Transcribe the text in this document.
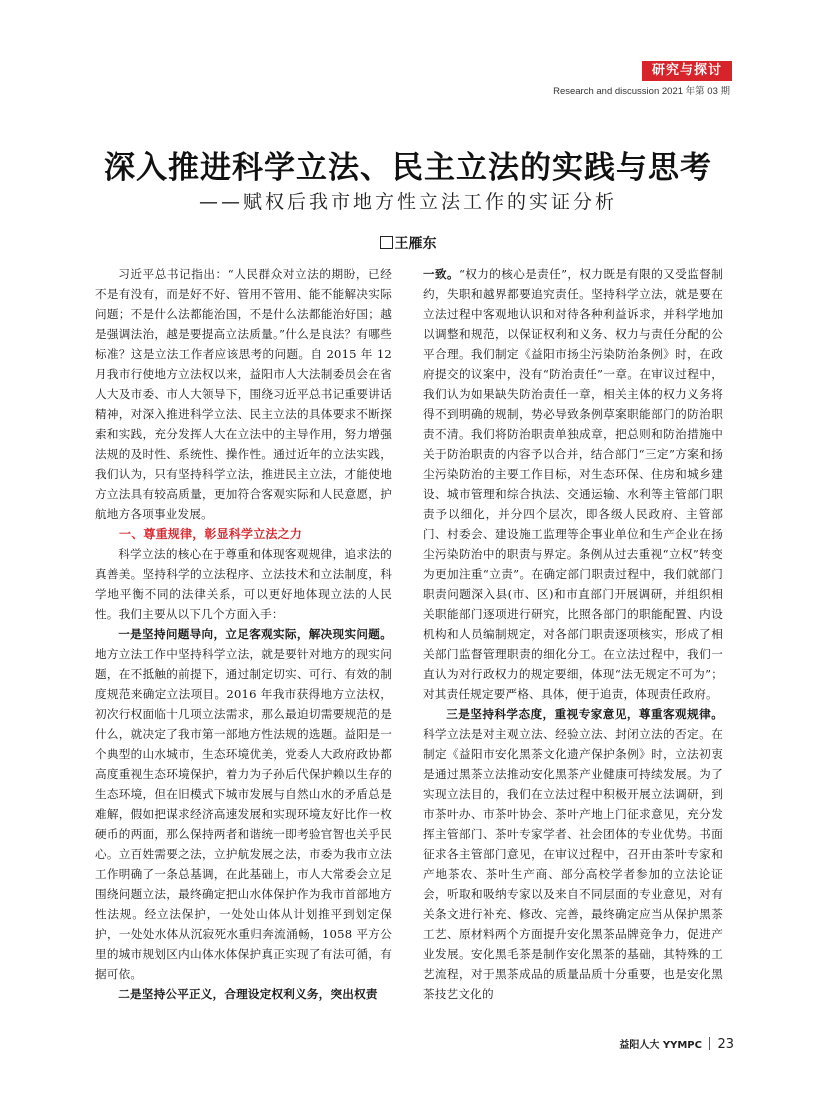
研究与探讨
Research and discussion 2021 年第 03 期
深入推进科学立法、民主立法的实践与思考
——赋权后我市地方性立法工作的实证分析
王雁东

习近平总书记指出：“人民群众对立法的期盼，已经不是有没有，而是好不好、管用不管用、能不能解决实际问题；不是什么法都能治国，不是什么法都能治好国；越是强调法治，越是要提高立法质量。”什么是良法？有哪些标准？这是立法工作者应该思考的问题。自 2015 年 12 月我市行使地方立法权以来，益阳市人大法制委员会在省人大及市委、市人大领导下，围绕习近平总书记重要讲话精神，对深入推进科学立法、民主立法的具体要求不断探索和实践，充分发挥人大在立法中的主导作用，努力增强法规的及时性、系统性、操作性。通过近年的立法实践，我们认为，只有坚持科学立法，推进民主立法，才能使地方立法具有较高质量，更加符合客观实际和人民意愿，护航地方各项事业发展。

一、尊重规律，彰显科学立法之力

科学立法的核心在于尊重和体现客观规律，追求法的真善美。坚持科学的立法程序、立法技术和立法制度，科学地平衡不同的法律关系，可以更好地体现立法的人民性。我们主要从以下几个方面入手：

一是坚持问题导向，立足客观实际，解决现实问题。地方立法工作中坚持科学立法，就是要针对地方的现实问题，在不抵触的前提下，通过制定切实、可行、有效的制度规范来确定立法项目。2016 年我市获得地方立法权，初次行权面临十几项立法需求，那么最迫切需要规范的是什么，就决定了我市第一部地方性法规的选题。益阳是一个典型的山水城市，生态环境优美，党委人大政府政协都高度重视生态环境保护，着力为子孙后代保护赖以生存的生态环境，但在旧模式下城市发展与自然山水的矛盾总是难解，假如把谋求经济高速发展和实现环境友好比作一枚硬币的两面，那么保持两者和谐统一即考验官智也关乎民心。立百姓需要之法，立护航发展之法，市委为我市立法工作明确了一条总基调，在此基础上，市人大常委会立足围绕问题立法，最终确定把山水体保护作为我市首部地方性法规。经立法保护，一处处山体从计划推平到划定保护，一处处水体从沉寂死水重归奔流涌畅，1058 平方公里的城市规划区内山体水体保护真正实现了有法可循，有据可依。

二是坚持公平正义，合理设定权利义务，突出权责

一致。“权力的核心是责任”，权力既是有限的又受监督制约，失职和越界都要追究责任。坚持科学立法，就是要在立法过程中客观地认识和对待各种利益诉求，并科学地加以调整和规范，以保证权利和义务、权力与责任分配的公平合理。我们制定《益阳市扬尘污染防治条例》时，在政府提交的议案中，没有“防治责任”一章。在审议过程中，我们认为如果缺失防治责任一章，相关主体的权力义务将得不到明确的规制，势必导致条例草案职能部门的防治职责不清。我们将防治职责单独成章，把总则和防治措施中关于防治职责的内容予以合并，结合部门“三定”方案和扬尘污染防治的主要工作目标，对生态环保、住房和城乡建设、城市管理和综合执法、交通运输、水利等主管部门职责予以细化，并分四个层次，即各级人民政府、主管部门、村委会、建设施工监理等企事业单位和生产企业在扬尘污染防治中的职责与界定。条例从过去重视“立权”转变为更加注重“立责”。在确定部门职责过程中，我们就部门职责问题深入县(市、区)和市直部门开展调研，并组织相关职能部门逐项进行研究，比照各部门的职能配置、内设机构和人员编制规定，对各部门职责逐项核实，形成了相关部门监督管理职责的细化分工。在立法过程中，我们一直认为对行政权力的规定要细，体现“法无规定不可为”；对其责任规定要严格、具体，便于追责，体现责任政府。

三是坚持科学态度，重视专家意见，尊重客观规律。科学立法是对主观立法、经验立法、封闭立法的否定。在制定《益阳市安化黑茶文化遗产保护条例》时，立法初衷是通过黑茶立法推动安化黑茶产业健康可持续发展。为了实现立法目的，我们在立法过程中积极开展立法调研，到市茶叶办、市茶叶协会、茶叶产地上门征求意见，充分发挥主管部门、茶叶专家学者、社会团体的专业优势。书面征求各主管部门意见，在审议过程中，召开由茶叶专家和产地茶农、茶叶生产商、部分高校学者参加的立法论证会，听取和吸纳专家以及来自不同层面的专业意见，对有关条文进行补充、修改、完善，最终确定应当从保护黑茶工艺、原材料两个方面提升安化黑茶品牌竞争力，促进产业发展。安化黑毛茶是制作安化黑茶的基础，其特殊的工艺流程，对于黑茶成品的质量品质十分重要，也是安化黑茶技艺文化的

益阳人大 YYMPC 23
